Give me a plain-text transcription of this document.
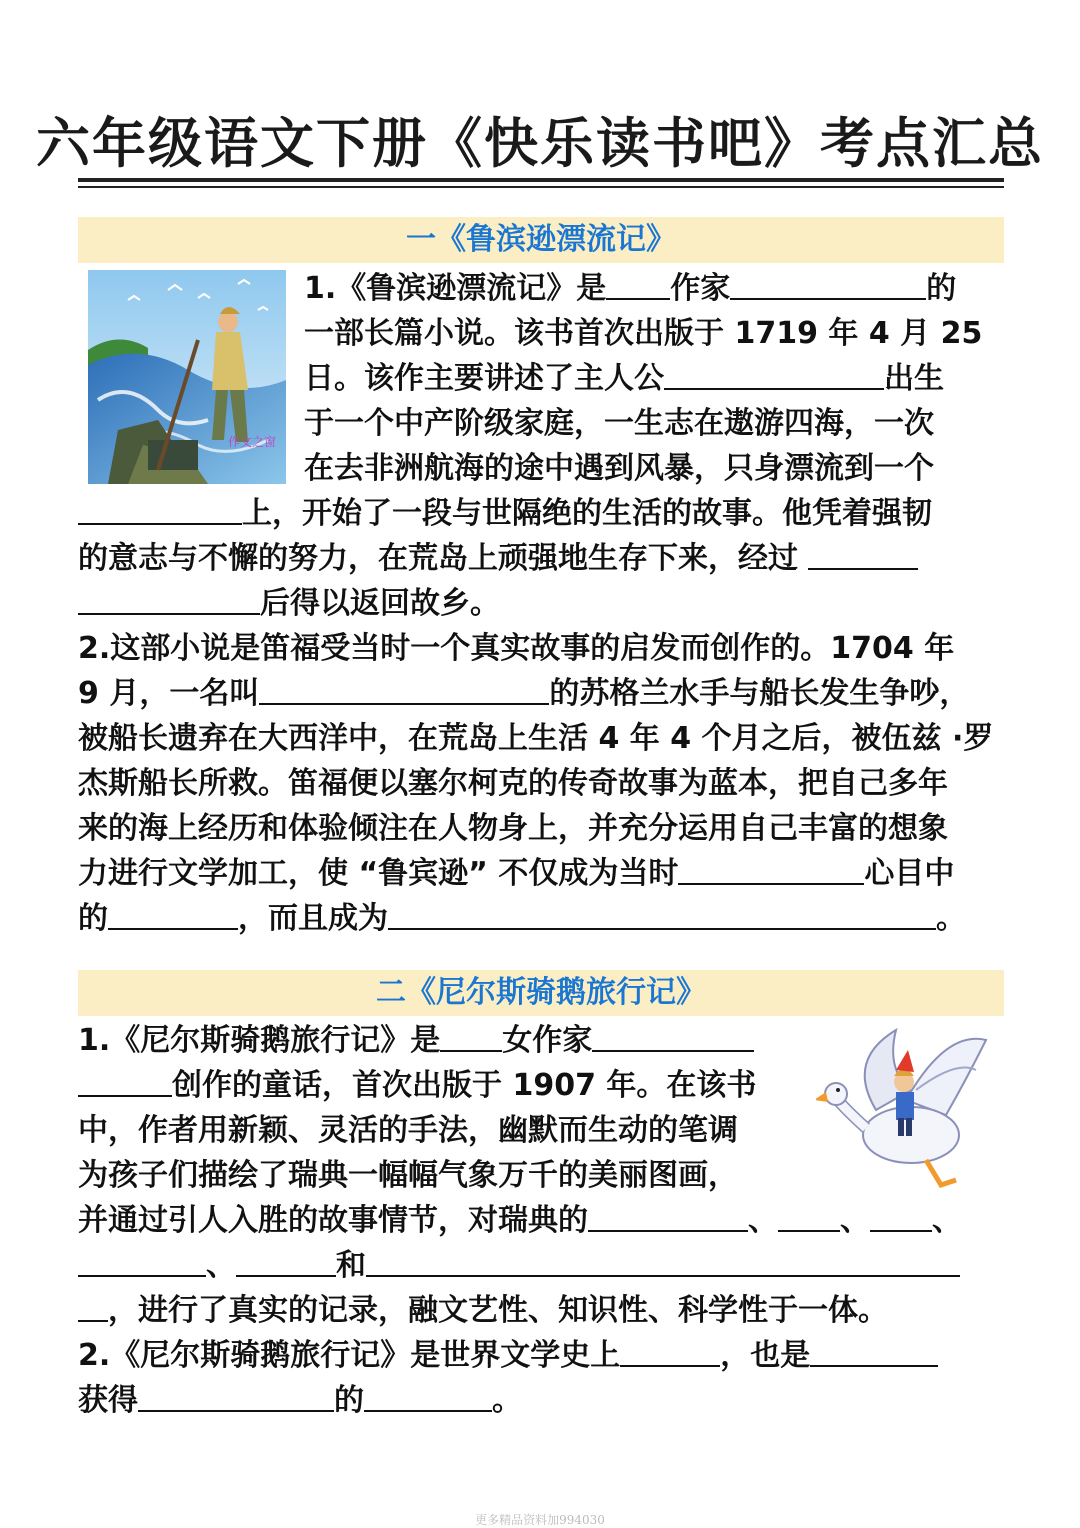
六年级语文下册《快乐读书吧》考点汇总
一《鲁滨逊漂流记》
作文之窗
1.《鲁滨逊漂流记》是 作家	的
一部长篇小说。该书首次出版于 1719 年 4 月 25
日。该作主要讲述了主人公	出生
于一个中产阶级家庭，一生志在遨游四海，一次
在去非洲航海的途中遇到风暴，只身漂流到一个
上，开始了一段与世隔绝的生活的故事。他凭着强韧
的意志与不懈的努力，在荒岛上顽强地生存下来，经过
后得以返回故乡。
2.这部小说是笛福受当时一个真实故事的启发而创作的。1704 年
9 月，一名叫	的苏格兰水手与船长发生争吵，
被船长遗弃在大西洋中，在荒岛上生活 4 年 4 个月之后，被伍兹 ·罗
杰斯船长所救。笛福便以塞尔柯克的传奇故事为蓝本，把自己多年
来的海上经历和体验倾注在人物身上，并充分运用自己丰富的想象
力进行文学加工，使 “鲁宾逊” 不仅成为当时	心目中
的	，而且成为	。
二《尼尔斯骑鹅旅行记》
1.《尼尔斯骑鹅旅行记》是 女作家
创作的童话，首次出版于 1907 年。在该书
中，作者用新颖、灵活的手法，幽默而生动的笔调
为孩子们描绘了瑞典一幅幅气象万千的美丽图画，
并通过引人入胜的故事情节，对瑞典的	、 、 、
、	和
，进行了真实的记录，融文艺性、知识性、科学性于一体。
2.《尼尔斯骑鹅旅行记》是世界文学史上	，也是
获得	的	。
更多精品资料加994030
